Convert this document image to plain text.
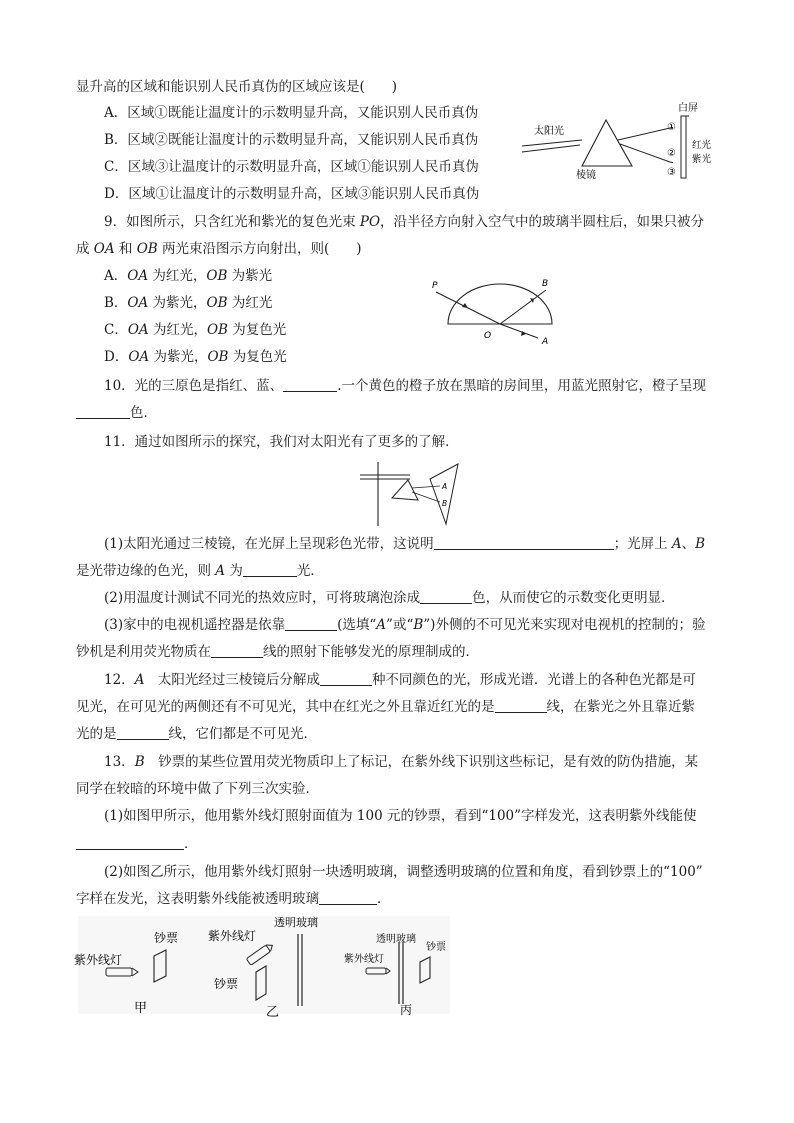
显升高的区域和能识别人民币真伪的区域应该是(　　)
A．区域①既能让温度计的示数明显升高，又能识别人民币真伪
B．区域②既能让温度计的示数明显升高，又能识别人民币真伪
C．区域③让温度计的示数明显升高，区域①能识别人民币真伪
D．区域①让温度计的示数明显升高，区域③能识别人民币真伪
白屏
太阳光	①
②
③
红光
紫光
棱镜
9．如图所示，只含红光和紫光的复色光束 PO，沿半径方向射入空气中的玻璃半圆柱后，如果只被分
成 OA 和 OB 两光束沿图示方向射出，则(　　)
A．OA 为红光，OB 为紫光
B．OA 为紫光，OB 为红光
C．OA 为红光，OB 为复色光
D．OA 为紫光，OB 为复色光
P	B
O
A
10．光的三原色是指红、蓝、	.一个黄色的橙子放在黑暗的房间里，用蓝光照射它，橙子呈现
色．
11．通过如图所示的探究，我们对太阳光有了更多的了解．
A
B
(1)太阳光通过三棱镜，在光屏上呈现彩色光带，这说明	；光屏上 A、B
是光带边缘的色光，则 A 为	光．
(2)用温度计测试不同光的热效应时，可将玻璃泡涂成	色，从而使它的示数变化更明显．
(3)家中的电视机遥控器是依靠	(选填“A”或“B”)外侧的不可见光来实现对电视机的控制的；验
钞机是利用荧光物质在	线的照射下能够发光的原理制成的．
12．A　太阳光经过三棱镜后分解成	种不同颜色的光，形成光谱．光谱上的各种色光都是可
见光，在可见光的两侧还有不可见光，其中在红光之外且靠近红光的是	线，在紫光之外且靠近紫
光的是	线，它们都是不可见光．
13．B　钞票的某些位置用荧光物质印上了标记，在紫外线下识别这些标记，是有效的防伪措施，某
同学在较暗的环境中做了下列三次实验．
(1)如图甲所示，他用紫外线灯照射面值为 100 元的钞票，看到“100”字样发光，这表明紫外线能使
．
(2)如图乙所示，他用紫外线灯照射一块透明玻璃，调整透明玻璃的位置和角度，看到钞票上的“100”
字样在发光，这表明紫外线能被透明玻璃	．
紫外线灯
钞票
甲
紫外线灯
透明玻璃
钞票
乙
透明玻璃
紫外线灯
钞票
丙
